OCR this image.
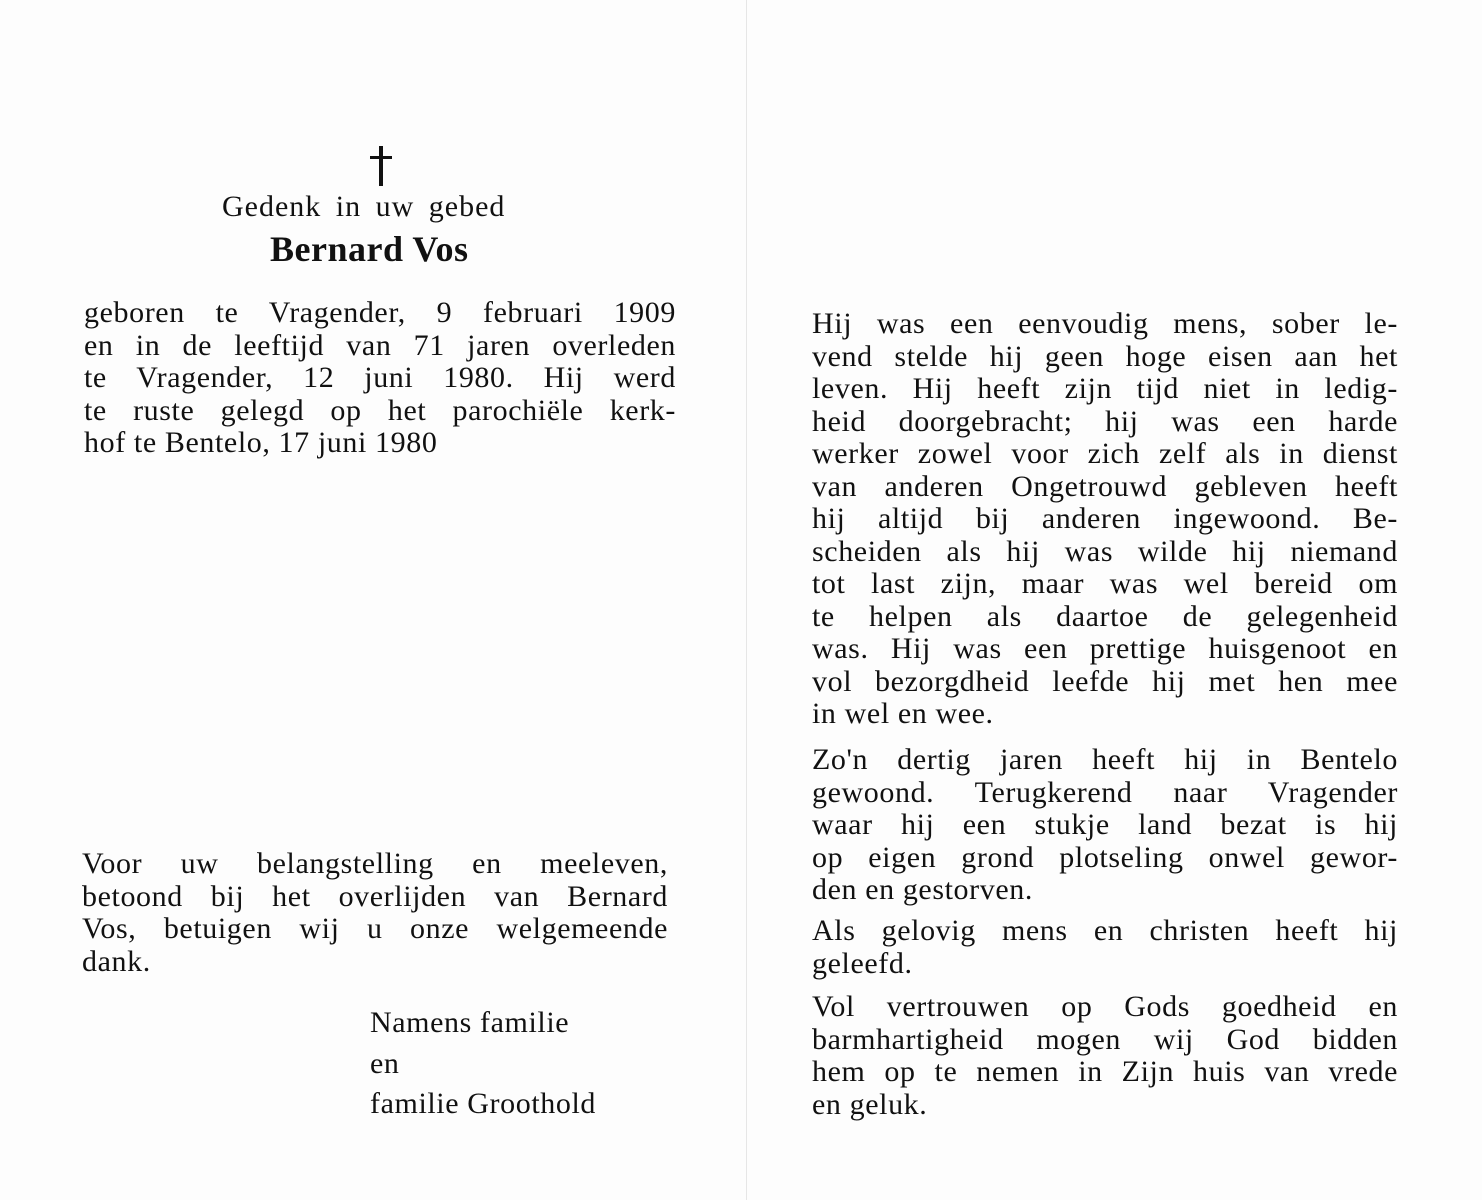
Gedenk in uw gebed
Bernard Vos
geboren te Vragender, 9 februari 1909
en in de leeftijd van 71 jaren overleden
te Vragender, 12 juni 1980. Hij werd
te ruste gelegd op het parochiële kerk-
hof te Bentelo, 17 juni 1980
Voor uw belangstelling en meeleven,
betoond bij het overlijden van Bernard
Vos, betuigen wij u onze welgemeende
dank.
Namens familie
en
familie Groothold
Hij was een eenvoudig mens, sober le-
vend stelde hij geen hoge eisen aan het
leven. Hij heeft zijn tijd niet in ledig-
heid doorgebracht; hij was een harde
werker zowel voor zich zelf als in dienst
van anderen Ongetrouwd gebleven heeft
hij altijd bij anderen ingewoond. Be-
scheiden als hij was wilde hij niemand
tot last zijn, maar was wel bereid om
te helpen als daartoe de gelegenheid
was. Hij was een prettige huisgenoot en
vol bezorgdheid leefde hij met hen mee
in wel en wee.
Zo'n dertig jaren heeft hij in Bentelo
gewoond. Terugkerend naar Vragender
waar hij een stukje land bezat is hij
op eigen grond plotseling onwel gewor-
den en gestorven.
Als gelovig mens en christen heeft hij
geleefd.
Vol vertrouwen op Gods goedheid en
barmhartigheid mogen wij God bidden
hem op te nemen in Zijn huis van vrede
en geluk.
